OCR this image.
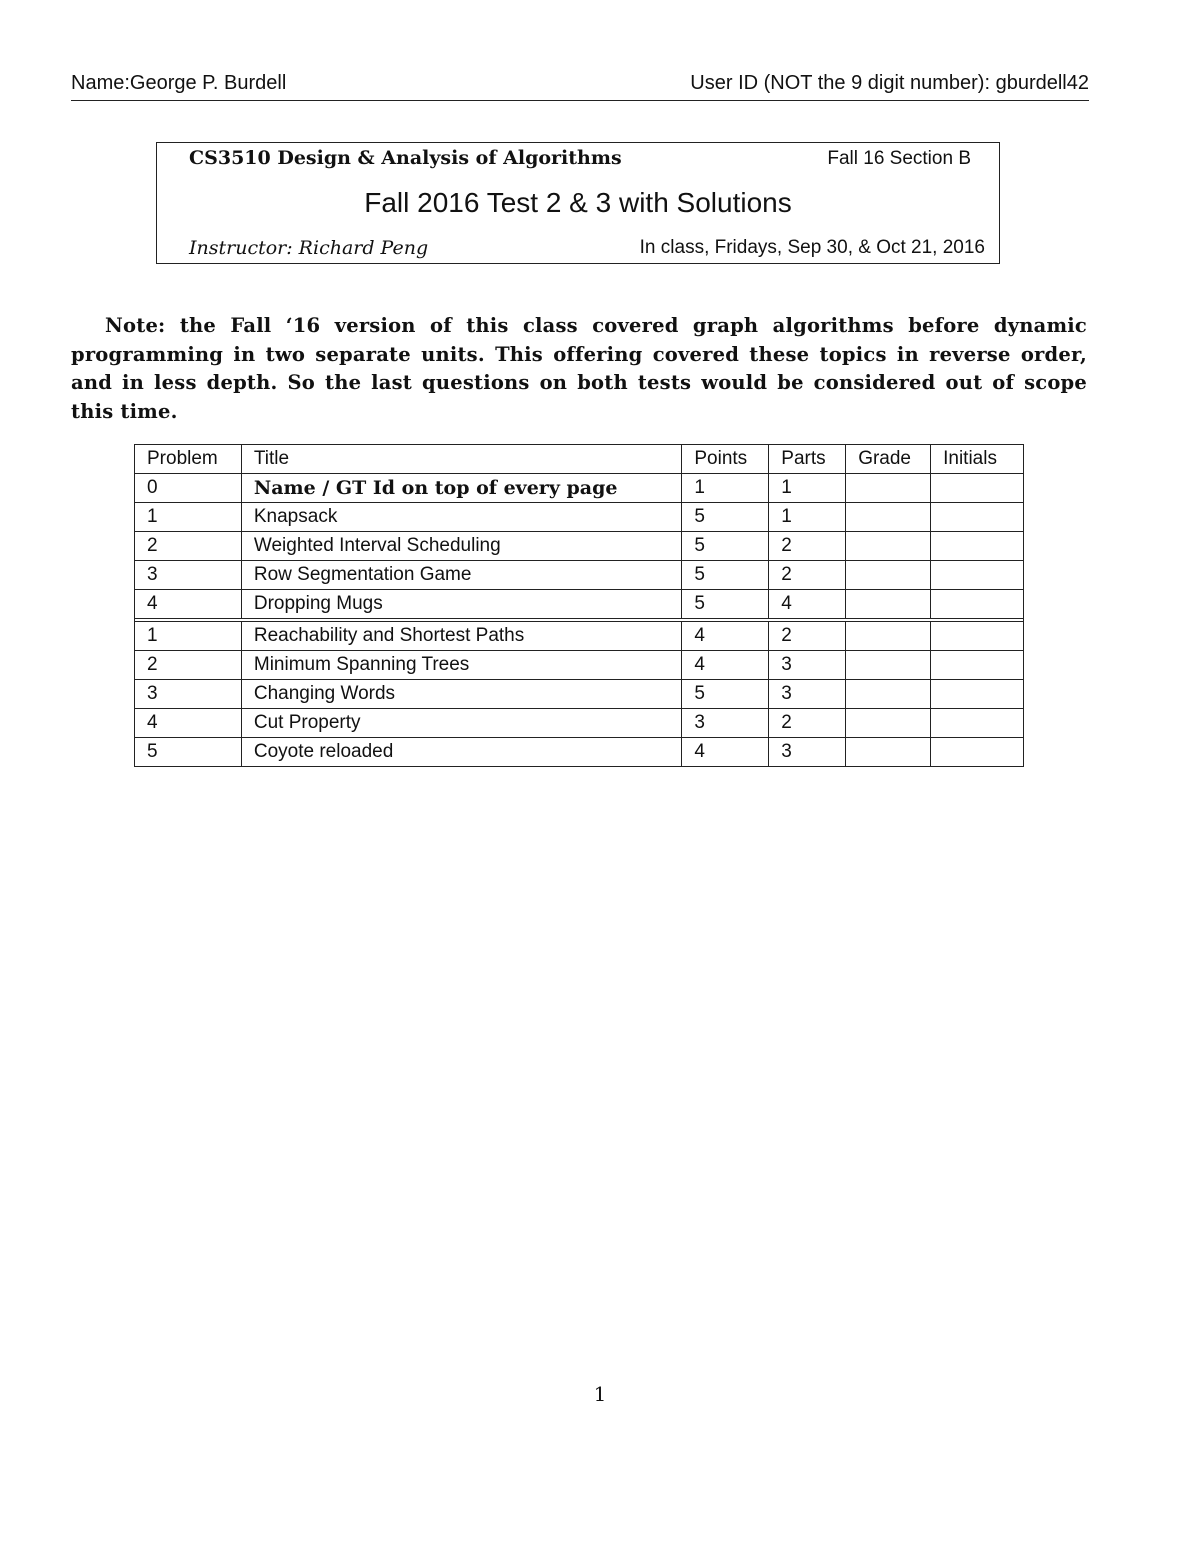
Name:George P. Burdell	User ID (NOT the 9 digit number): gburdell42
CS3510 Design & Analysis of Algorithms	Fall 16 Section B
Fall 2016 Test 2 & 3 with Solutions
Instructor: Richard Peng	In class, Fridays, Sep 30, & Oct 21, 2016
Note: the Fall ‘16 version of this class covered graph algorithms before dynamic programming in two separate units. This offering covered these topics in reverse order, and in less depth. So the last questions on both tests would be considered out of scope this time.
Problem	Title	Points	Parts	Grade	Initials
0	Name / GT Id on top of every page	1	1		
1	Knapsack	5	1		
2	Weighted Interval Scheduling	5	2		
3	Row Segmentation Game	5	2		
4	Dropping Mugs	5	4		

1	Reachability and Shortest Paths	4	2		
2	Minimum Spanning Trees	4	3		
3	Changing Words	5	3		
4	Cut Property	3	2		
5	Coyote reloaded	4	3		
1
